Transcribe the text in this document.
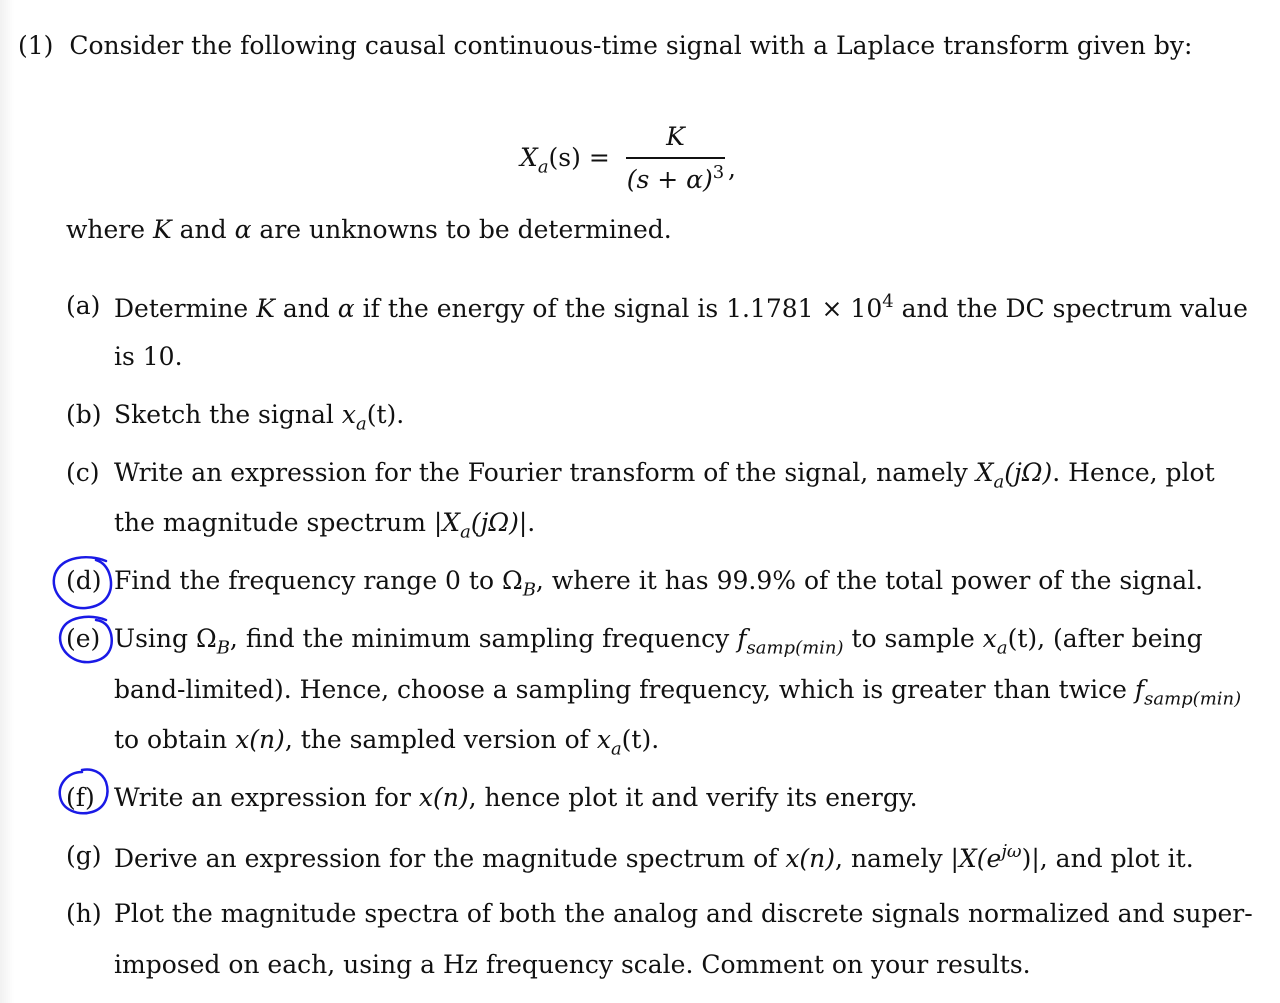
(1) Consider the following causal continuous-time signal with a Laplace transform given by:
$X_a(s)$ =
K
$(s + \alpha)^3$ ,
where K and α are unknowns to be determined.
(a) Determine K and α if the energy of the signal is $1.1781 \times 10^4$ and the DC spectrum value
is 10.
(b) Sketch the signal $x_a(t)$.
(c) Write an expression for the Fourier transform of the signal, namely $X_a(j\Omega)$. Hence, plot
the magnitude spectrum $|X_a(j\Omega)|$.
(d) Find the frequency range 0 to $\Omega_B$, where it has 99.9% of the total power of the signal.
(e) Using $\Omega_B$, find the minimum sampling frequency $f_{samp(min)}$ to sample $x_a(t)$, (after being
band-limited). Hence, choose a sampling frequency, which is greater than twice $f_{samp(min)}$
to obtain x(n), the sampled version of $x_a(t)$.
(f) Write an expression for x(n), hence plot it and verify its energy.
(g) Derive an expression for the magnitude spectrum of x(n), namely $|X(e^{j\omega})|$, and plot it.
(h) Plot the magnitude spectra of both the analog and discrete signals normalized and super-
imposed on each, using a Hz frequency scale. Comment on your results.
